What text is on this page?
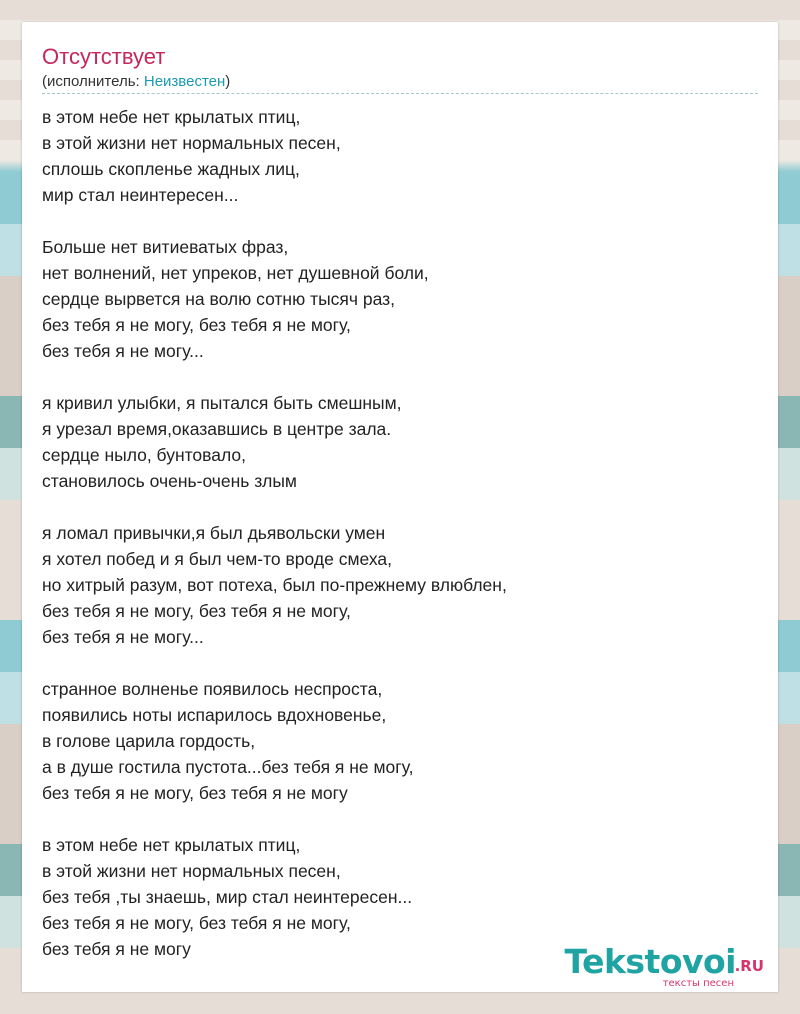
Отсутствует
(исполнитель: Неизвестен)
в этом небе нет крылатых птиц,
в этой жизни нет нормальных песен,
сплошь скопленье жадных лиц,
мир стал неинтересен...
Больше нет витиеватых фраз,
нет волнений, нет упреков, нет душевной боли,
сердце вырвется на волю сотню тысяч раз,
без тебя я не могу, без тебя я не могу,
без тебя я не могу...
я кривил улыбки, я пытался быть смешным,
я урезал время,оказавшись в центре зала.
сердце ныло, бунтовало,
становилось очень-очень злым
я ломал привычки,я был дьявольски умен
я хотел побед и я был чем-то вроде смеха,
но хитрый разум, вот потеха, был по-прежнему влюблен,
без тебя я не могу, без тебя я не могу,
без тебя я не могу...
странное волненье появилось неспроста,
появились ноты испарилось вдохновенье,
в голове царила гордость,
а в душе гостила пустота...без тебя я не могу,
без тебя я не могу, без тебя я не могу
в этом небе нет крылатых птиц,
в этой жизни нет нормальных песен,
без тебя ,ты знаешь, мир стал неинтересен...
без тебя я не могу, без тебя я не могу,
без тебя я не могу	Tekstovoi
.RU
тексты песен
